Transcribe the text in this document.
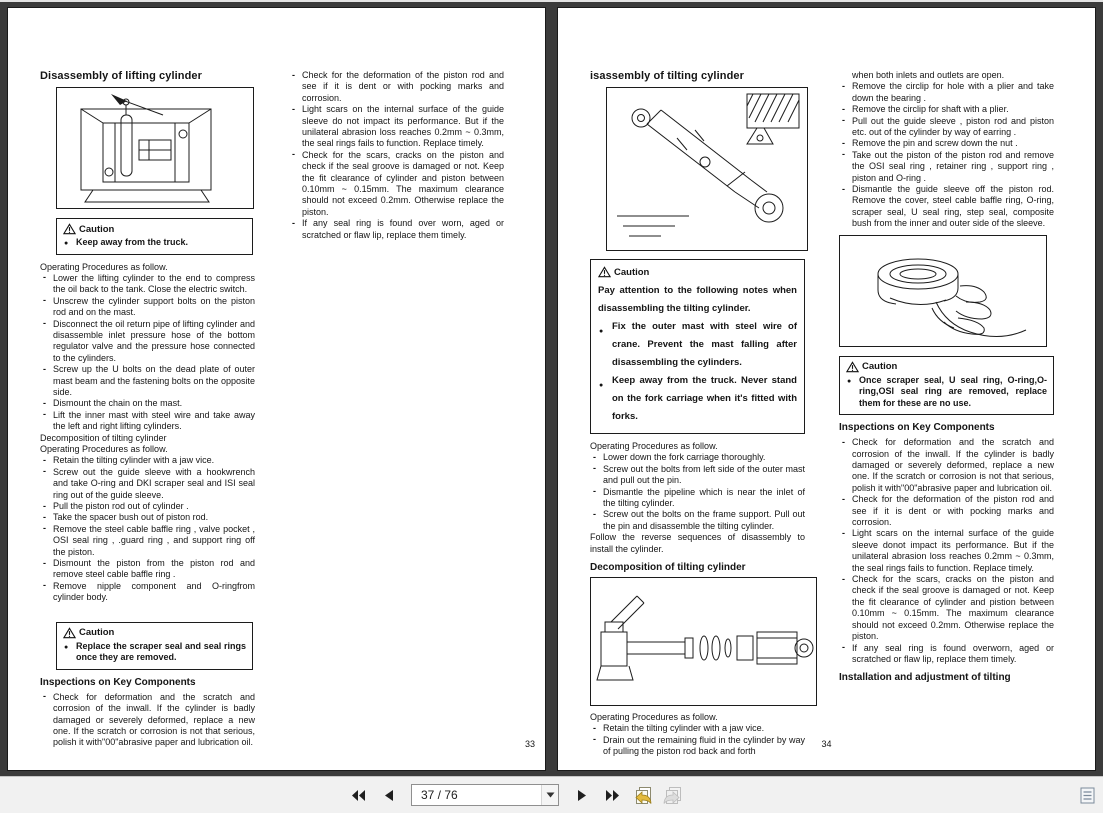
Disassembly of lifting cylinder
Caution
● Keep away from the truck.
Operating Procedures as follow.
- Lower the lifting cylinder to the end to compress the oil back to the tank. Close the electric switch.
- Unscrew the cylinder support bolts on the piston rod and on the mast.
- Disconnect the oil return pipe of lifting cylinder and disassemble inlet pressure hose of the bottom regulator valve and the pressure hose connected to the cylinders.
- Screw up the U bolts on the dead plate of outer mast beam and the fastening bolts on the opposite side.
- Dismount the chain on the mast.
- Lift the inner mast with steel wire and take away the left and right lifting cylinders.
Decomposition of tilting cylinder
Operating Procedures as follow.
- Retain the tilting cylinder with a jaw vice.
- Screw out the guide sleeve with a hookwrench and take O-ring and DKI scraper seal and ISI seal ring out of the guide sleeve.
- Pull the piston rod out of cylinder .
- Take the spacer bush out of piston rod.
- Remove the steel cable baffle ring , valve pocket , OSI seal ring , .guard ring , and support ring off the piston.
- Dismount the piston from the piston rod and remove steel cable baffle ring .
- Remove nipple component and O-ringfrom cylinder body.
Caution
● Replace the scraper seal and seal rings once they are removed.
Inspections on Key Components
- Check for deformation and the scratch and corrosion of the inwall. If the cylinder is badly damaged or severely deformed, replace a new one. If the scratch or corrosion is not that serious, polish it with"00"abrasive paper and lubrication oil.
- Check for the deformation of the piston rod and see if it is dent or with pocking marks and corrosion.
- Light scars on the internal surface of the guide sleeve do not impact its performance. But if the unilateral abrasion loss reaches 0.2mm ~ 0.3mm, the seal rings fails to function. Replace timely.
- Check for the scars, cracks on the piston and check if the seal groove is damaged or not. Keep the fit clearance of cylinder and piston between 0.10mm ~ 0.15mm. The maximum clearance should not exceed 0.2mm. Otherwise replace the piston.
- If any seal ring is found over worn, aged or scratched or flaw lip, replace them timely.
33
isassembly of tilting cylinder
Caution
Pay attention to the following notes when disassembling the tilting cylinder.
● Fix the outer mast with steel wire of crane. Prevent the mast falling after disassembling the cylinders.
● Keep away from the truck. Never stand on the fork carriage when it's fitted with forks.
Operating Procedures as follow.
- Lower down the fork carriage thoroughly.
- Screw out the bolts from left side of the outer mast and pull out the pin.
- Dismantle the pipeline which is near the inlet of the tilting cylinder.
- Screw out the bolts on the frame support. Pull out the pin and disassemble the tilting cylinder.
Follow the reverse sequences of disassembly to install the cylinder.
Decomposition of tilting cylinder
Operating Procedures as follow.
- Retain the tilting cylinder with a jaw vice.
- Drain out the remaining fluid in the cylinder by way of pulling the piston rod back and forth
when both inlets and outlets are open.
- Remove the circlip for hole with a plier and take down the bearing .
- Remove the circlip for shaft with a plier.
- Pull out the guide sleeve , piston rod and piston etc. out of the cylinder by way of earring .
- Remove the pin and screw down the nut .
- Take out the piston of the piston rod and remove the OSI seal ring , retainer ring , support ring , piston and O-ring .
- Dismantle the guide sleeve off the piston rod. Remove the cover, steel cable baffle ring, O-ring, scraper seal, U seal ring, step seal, composite bush from the inner and outer side of the sleeve.
Caution
● Once scraper seal, U seal ring, O-ring,O-ring,OSI seal ring are removed, replace them for these are no use.
Inspections on Key Components
- Check for deformation and the scratch and corrosion of the inwall. If the cylinder is badly damaged or severely deformed, replace a new one. If the scratch or corrosion is not that serious, polish it with"00"abrasive paper and lubrication oil.
- Check for the deformation of the piston rod and see if it is dent or with pocking marks and corrosion.
- Light scars on the internal surface of the guide sleeve donot impact its performance. But if the unilateral abrasion loss reaches 0.2mm ~ 0.3mm, the seal rings fails to function. Replace timely.
- Check for the scars, cracks on the piston and check if the seal groove is damaged or not. Keep the fit clearance of cylinder and pistion between 0.10mm ~ 0.15mm. The maximum clearance should not exceed 0.2mm. Otherwise replace the piston.
- If any seal ring is found overworn, aged or scratched or flaw lip, replace them timely.
Installation and adjustment of tilting
34
37 / 76
